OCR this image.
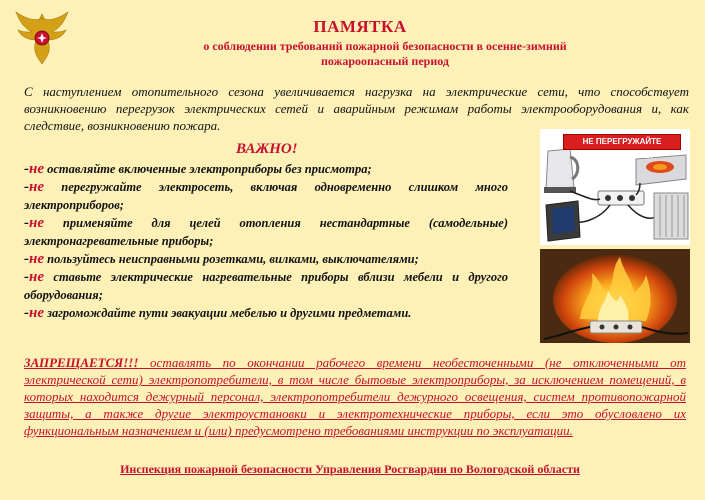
ПАМЯТКА
о соблюдении требований пожарной безопасности в осенне-зимний
пожароопасный период
С наступлением отопительного сезона увеличивается нагрузка на электрические сети, что способствует возникновению перегрузок электрических сетей и аварийным режимам работы электрооборудования и, как следствие, возникновению пожара.
ВАЖНО!

-не оставляйте включенные электроприборы без присмотра;

-не перегружайте электросеть, включая одновременно слишком много электроприборов;

-не применяйте для целей отопления нестандартные (самодельные) электронагревательные приборы;

-не пользуйтесь неисправными розетками, вилками, выключателями;

-не ставьте электрические нагревательные приборы вблизи мебели и другого оборудования;

-не загромождайте пути эвакуации мебелью и другими предметами.

НЕ ПЕРЕГРУЖАЙТЕ ЭЛЕКТРОСЕТЬ!
ЗАПРЕЩАЕТСЯ!!! оставлять по окончании рабочего времени необесточенными (не отключенными от электрической сети) электропотребители, в том числе бытовые электроприборы, за исключением помещений, в которых находится дежурный персонал, электропотребители дежурного освещения, систем противопожарной защиты, а также другие электроустановки и электротехнические приборы, если это обусловлено их функциональным назначением и (или) предусмотрено требованиями инструкции по эксплуатации.
Инспекция пожарной безопасности Управления Росгвардии по Вологодской области
